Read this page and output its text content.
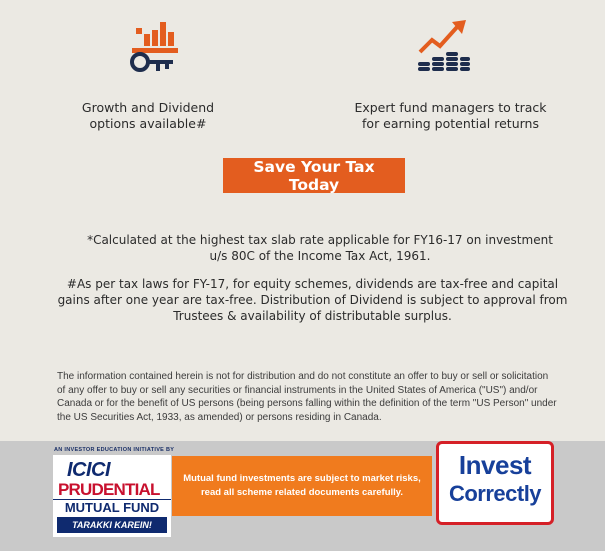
Growth and Dividend
options available#
Expert fund managers to track
for earning potential returns
Save Your Tax Today
*Calculated at the highest tax slab rate applicable for FY16-17 on investment
u/s 80C of the Income Tax Act, 1961.
#As per tax laws for FY-17, for equity schemes, dividends are tax-free and capital
gains after one year are tax-free. Distribution of Dividend is subject to approval from
Trustees & availability of distributable surplus.
The information contained herein is not for distribution and do not constitute an offer to buy or sell or solicitation
of any offer to buy or sell any securities or financial instruments in the United States of America ("US") and/or
Canada or for the benefit of US persons (being persons falling within the definition of the term "US Person" under
the US Securities Act, 1933, as amended) or persons residing in Canada.
AN INVESTOR EDUCATION INITIATIVE BY
ICICI
PRUDENTIAL
MUTUAL FUND
TARAKKI KAREIN!
Mutual fund investments are subject to market risks,
read all scheme related documents carefully.
Invest
Correctly
